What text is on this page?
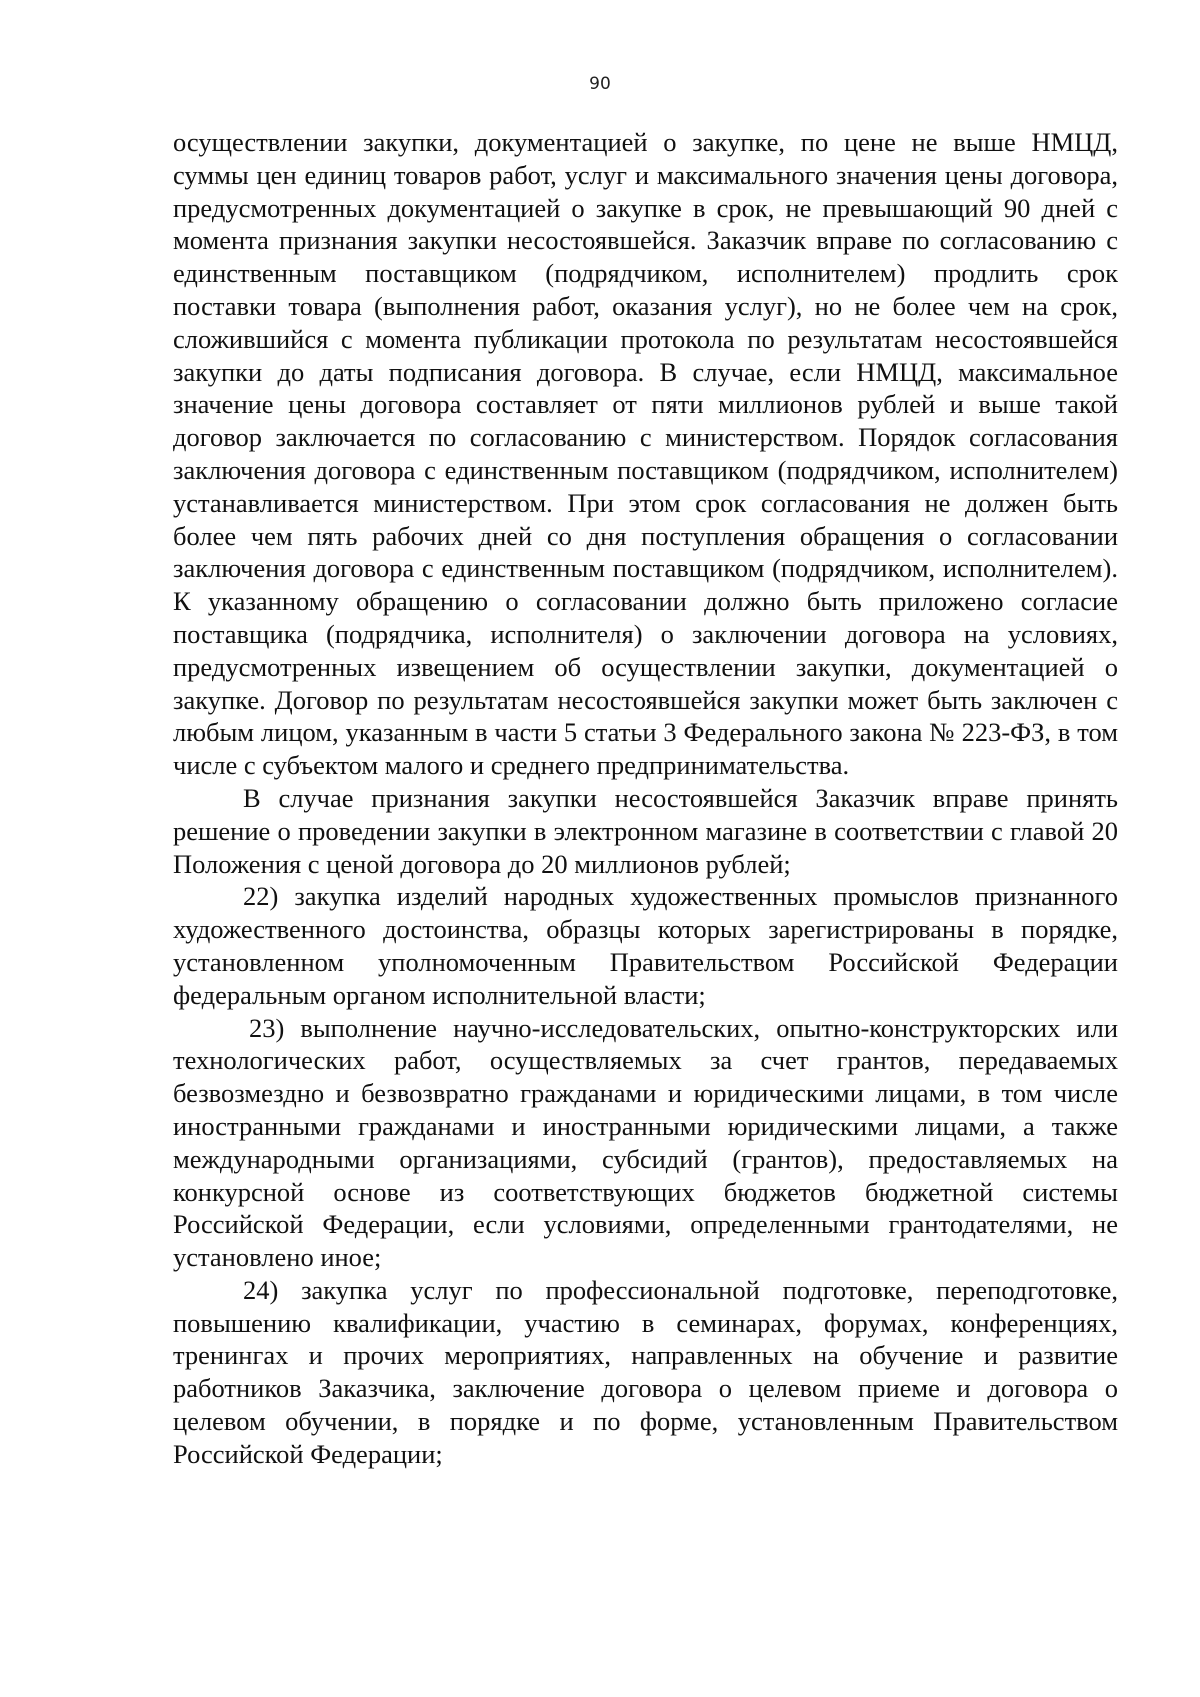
90

осуществлении закупки, документацией о закупке, по цене не выше НМЦД, суммы цен единиц товаров работ, услуг и максимального значения цены договора, предусмотренных документацией о закупке в срок, не превышающий 90 дней с момента признания закупки несостоявшейся. Заказчик вправе по согласованию с единственным поставщиком (подрядчиком, исполнителем) продлить срок поставки товара (выполнения работ, оказания услуг), но не более чем на срок, сложившийся с момента публикации протокола по результатам несостоявшейся закупки до даты подписания договора. В случае, если НМЦД, максимальное значение цены договора составляет от пяти миллионов рублей и выше такой договор заключается по согласованию с министерством. Порядок согласования заключения договора с единственным поставщиком (подрядчиком, исполнителем) устанавливается министерством. При этом срок согласования не должен быть более чем пять рабочих дней со дня поступления обращения о согласовании заключения договора с единственным поставщиком (подрядчиком, исполнителем). К указанному обращению о согласовании должно быть приложено согласие поставщика (подрядчика, исполнителя) о заключении договора на условиях, предусмотренных извещением об осуществлении закупки, документацией о закупке. Договор по результатам несостоявшейся закупки может быть заключен с любым лицом, указанным в части 5 статьи 3 Федерального закона № 223-ФЗ, в том числе с субъектом малого и среднего предпринимательства.

В случае признания закупки несостоявшейся Заказчик вправе принять решение о проведении закупки в электронном магазине в соответствии с главой 20 Положения с ценой договора до 20 миллионов рублей;

22) закупка изделий народных художественных промыслов признанного художественного достоинства, образцы которых зарегистрированы в порядке, установленном уполномоченным Правительством Российской Федерации федеральным органом исполнительной власти;

23) выполнение научно-исследовательских, опытно-конструкторских или технологических работ, осуществляемых за счет грантов, передаваемых безвозмездно и безвозвратно гражданами и юридическими лицами, в том числе иностранными гражданами и иностранными юридическими лицами, а также международными организациями, субсидий (грантов), предоставляемых на конкурсной основе из соответствующих бюджетов бюджетной системы Российской Федерации, если условиями, определенными грантодателями, не установлено иное;

24) закупка услуг по профессиональной подготовке, переподготовке, повышению квалификации, участию в семинарах, форумах, конференциях, тренингах и прочих мероприятиях, направленных на обучение и развитие работников Заказчика, заключение договора о целевом приеме и договора о целевом обучении, в порядке и по форме, установленным Правительством Российской Федерации;
